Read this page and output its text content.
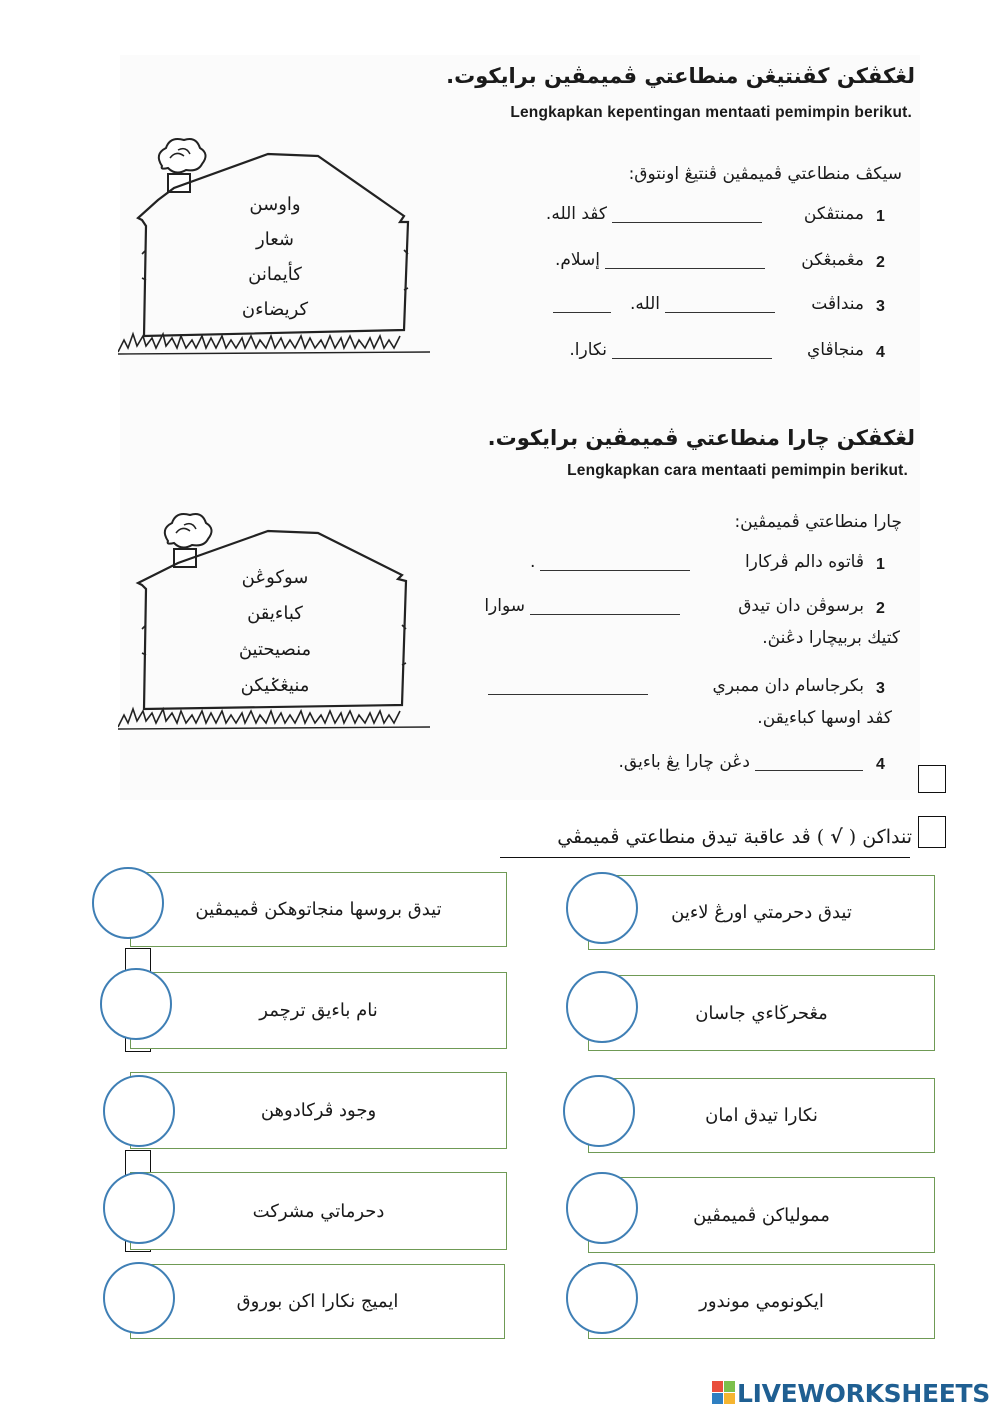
لڠكڤكن كڤنتيڠن منطاعتي ڤميمڤين برايكوت.
Lengkapkan kepentingan mentaati pemimpin berikut.
واوسن
شعار
كأيمانن
كريضاءن
سيكڤ منطاعتي ڤميمڤين ڤنتيڠ اونتوق:
1
ممنتڤكن
كڤد الله.
2
مڠمبڠكن
إسلام.
3
منداڤت
الله.
4
منجاڤاي
نكارا.
لڠكڤكن چارا منطاعتي ڤميمڤين برايكوت.
Lengkapkan cara mentaati pemimpin berikut.
سوكوڠن
كباءيقن
منصيحتيڽ
منيڠݢيكن
چارا منطاعتي ڤميمڤين:
1
ڤاتوه دالم ڤركارا
.
2
برسوڤن دان تيدق
سوارا
كتيك بربيچارا دڠنڽ.
3
بكرجاسام دان ممبري
كڤد اوسها كباءيقن.
4
دڠن چارا يڠ باءيق.
تنداكن ( √ ) ڤد عاقبة تيدق منطاعتي ڤميمڤي
تيدق بروسها منجاتوهكن ڤميمڤين
نام باءيق ترچمر
وجود ڤركادوهن
دحرماتي مشركت
ايميج نكارا اكن بوروق
تيدق دحرمتي اورڠ لاءين
مڠحرڬاءي جاسان
نكارا تيدق امان
ممولياكن ڤميمڤين
ايكونومي موندور
LIVEWORKSHEETS
